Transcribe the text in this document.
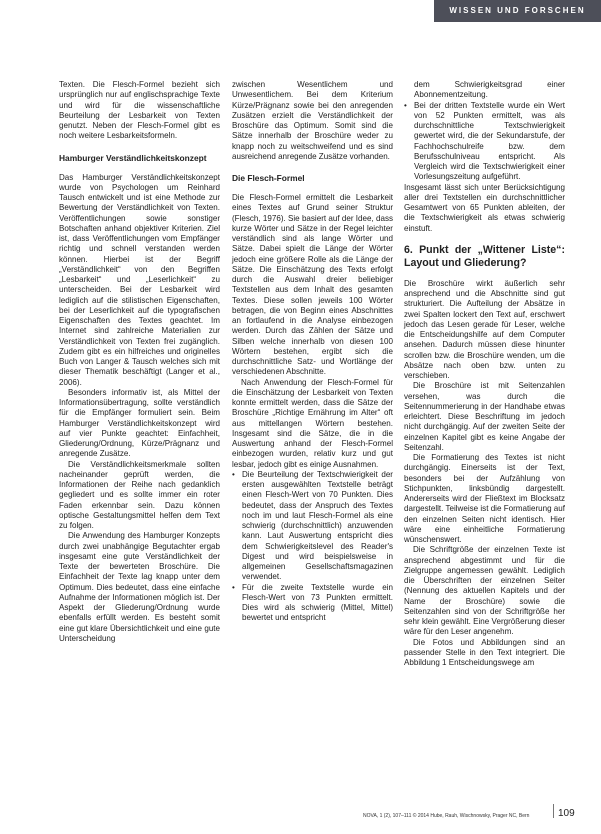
WISSEN UND FORSCHEN

Texten. Die Flesch-Formel bezieht sich ursprünglich nur auf englischsprachige Texte und wird für die wissenschaftliche Beurteilung der Lesbarkeit von Texten genutzt. Neben der Flesch-Formel gibt es noch weitere Lesbarkeitsformeln.

Hamburger Verständlichkeitskonzept

Das Hamburger Verständlichkeitskonzept wurde von Psychologen um Reinhard Tausch entwickelt und ist eine Methode zur Bewertung der Verständlichkeit von Texten. Veröffentlichungen sowie sonstiger Botschaften anhand objektiver Kriterien. Ziel ist, dass Veröffentlichungen vom Empfänger richtig und schnell verstanden werden können. Hierbei ist der Begriff „Verständlichkeit“ von den Begriffen „Lesbarkeit“ und „Leserlichkeit“ zu unterscheiden. Bei der Lesbarkeit wird lediglich auf die stilistischen Eigenschaften, bei der Leserlichkeit auf die typografischen Eigenschaften des Textes geachtet. Im Internet sind zahlreiche Materialien zur Verständlichkeit von Texten frei zugänglich. Zudem gibt es ein hilfreiches und originelles Buch von Langer & Tausch welches sich mit dieser Thematik beschäftigt (Langer et al., 2006).

Besonders informativ ist, als Mittel der Informationsübertragung, sollte verständlich für die Empfänger formuliert sein. Beim Hamburger Verständlichkeitskonzept wird auf vier Punkte geachtet: Einfachheit, Gliederung/Ordnung, Kürze/Prägnanz und anregende Zusätze.

Die Verständlichkeitsmerkmale sollten nacheinander geprüft werden, die Informationen der Reihe nach gedanklich gegliedert und es sollte immer ein roter Faden erkennbar sein. Dazu können optische Gestaltungsmittel helfen dem Text zu folgen.

Die Anwendung des Hamburger Konzepts durch zwei unabhängige Begutachter ergab insgesamt eine gute Verständlichkeit der Texte der bewerteten Broschüre. Die Einfachheit der Texte lag knapp unter dem Optimum. Dies bedeutet, dass eine einfache Aufnahme der Informationen möglich ist. Der Aspekt der Gliederung/Ordnung wurde ebenfalls erfüllt werden. Es besteht somit eine gut klare Übersichtlichkeit und eine gute Unterscheidung

zwischen Wesentlichem und Unwesentlichem. Bei dem Kriterium Kürze/Prägnanz sowie bei den anregenden Zusätzen erzielt die Verständlichkeit der Broschüre das Optimum. Somit sind die Sätze innerhalb der Broschüre weder zu knapp noch zu weitschweifend und es sind ausreichend anregende Zusätze vorhanden.

Die Flesch-Formel

Die Flesch-Formel ermittelt die Lesbarkeit eines Textes auf Grund seiner Struktur (Flesch, 1976). Sie basiert auf der Idee, dass kurze Wörter und Sätze in der Regel leichter verständlich sind als lange Wörter und Sätze. Dabei spielt die Länge der Wörter jedoch eine größere Rolle als die Länge der Sätze. Die Einschätzung des Texts erfolgt durch die Auswahl dreier beliebiger Textstellen aus dem Inhalt des gesamten Textes. Diese sollen jeweils 100 Wörter betragen, die von Beginn eines Abschnittes an fortlaufend in die Analyse einbezogen werden. Durch das Zählen der Sätze und Silben welche innerhalb von diesen 100 Wörtern bestehen, ergibt sich die durchschnittliche Satz- und Wortlänge der verschiedenen Abschnitte.

Nach Anwendung der Flesch-Formel für die Einschätzung der Lesbarkeit von Texten konnte ermittelt werden, dass die Sätze der Broschüre „Richtige Ernährung im Alter“ oft aus mittellangen Wörtern bestehen. Insgesamt sind die Sätze, die in die Auswertung anhand der Flesch-Formel einbezogen wurden, relativ kurz und gut lesbar, jedoch gibt es einige Ausnahmen.

• Die Beurteilung der Textschwierigkeit der ersten ausgewählten Textstelle beträgt einen Flesch-Wert von 70 Punkten. Dies bedeutet, dass der Anspruch des Textes noch im und laut Flesch-Formel als eine schwierig (durchschnittlich) anzuwenden kann. Laut Auswertung entspricht dies dem Schwierigkeitslevel des Reader's Digest und wird beispielsweise in allgemeinen Gesellschaftsmagazinen verwendet.

• Für die zweite Textstelle wurde ein Flesch-Wert von 73 Punkten ermittelt. Dies wird als schwierig (Mittel, Mittel) bewertet und entspricht

dem Schwierigkeitsgrad einer Abonnementzeitung.

• Bei der dritten Textstelle wurde ein Wert von 52 Punkten ermittelt, was als durchschnittliche Textschwierigkeit gewertet wird, die der Sekundarstufe, der Fachhochschulreife bzw. dem Berufsschulniveau entspricht. Als Vergleich wird die Textschwierigkeit einer Vorlesungszeitung aufgeführt.

Insgesamt lässt sich unter Berücksichtigung aller drei Textstellen ein durchschnittlicher Gesamtwert von 65 Punkten ableiten, der die Textschwierigkeit als etwas schwierig einstuft.

6. Punkt der „Wittener Liste“: Layout und Gliederung?

Die Broschüre wirkt äußerlich sehr ansprechend und die Abschnitte sind gut strukturiert. Die Aufteilung der Absätze in zwei Spalten lockert den Text auf, erschwert jedoch das Lesen gerade für Leser, welche die Entscheidungshilfe auf dem Computer ansehen. Dadurch müssen diese hinunter scrollen bzw. die Broschüre wenden, um die Absätze nach oben bzw. unten zu verschieben.

Die Broschüre ist mit Seitenzahlen versehen, was durch die Seitennummerierung in der Handhabe etwas erleichtert. Diese Beschriftung im jedoch nicht durchgängig. Auf der zweiten Seite der einzelnen Kapitel gibt es keine Angabe der Seitenzahl.

Die Formatierung des Textes ist nicht durchgängig. Einerseits ist der Text, besonders bei der Aufzählung von Stichpunkten, linksbündig dargestellt. Andererseits wird der Fließtext im Blocksatz dargestellt. Teilweise ist die Formatierung auf den einzelnen Seiten nicht identisch. Hier wäre eine einheitliche Formatierung wünschenswert.

Die Schriftgröße der einzelnen Texte ist ansprechend abgestimmt und für die Zielgruppe angemessen gewählt. Lediglich die Überschriften der einzelnen Seiter (Nennung des aktuellen Kapitels und der Name der Broschüre) sowie die Seitenzahlen sind von der Schriftgröße her sehr klein gewählt. Eine Vergrößerung dieser wäre für den Leser angenehm.

Die Fotos und Abbildungen sind an passender Stelle in den Text integriert. Die Abbildung 1 Entscheidungswege am

NOVA, 1 (2), 107–111 © 2014 Hube, Rauh, Wischnowsky, Prager NC, Bern	109
